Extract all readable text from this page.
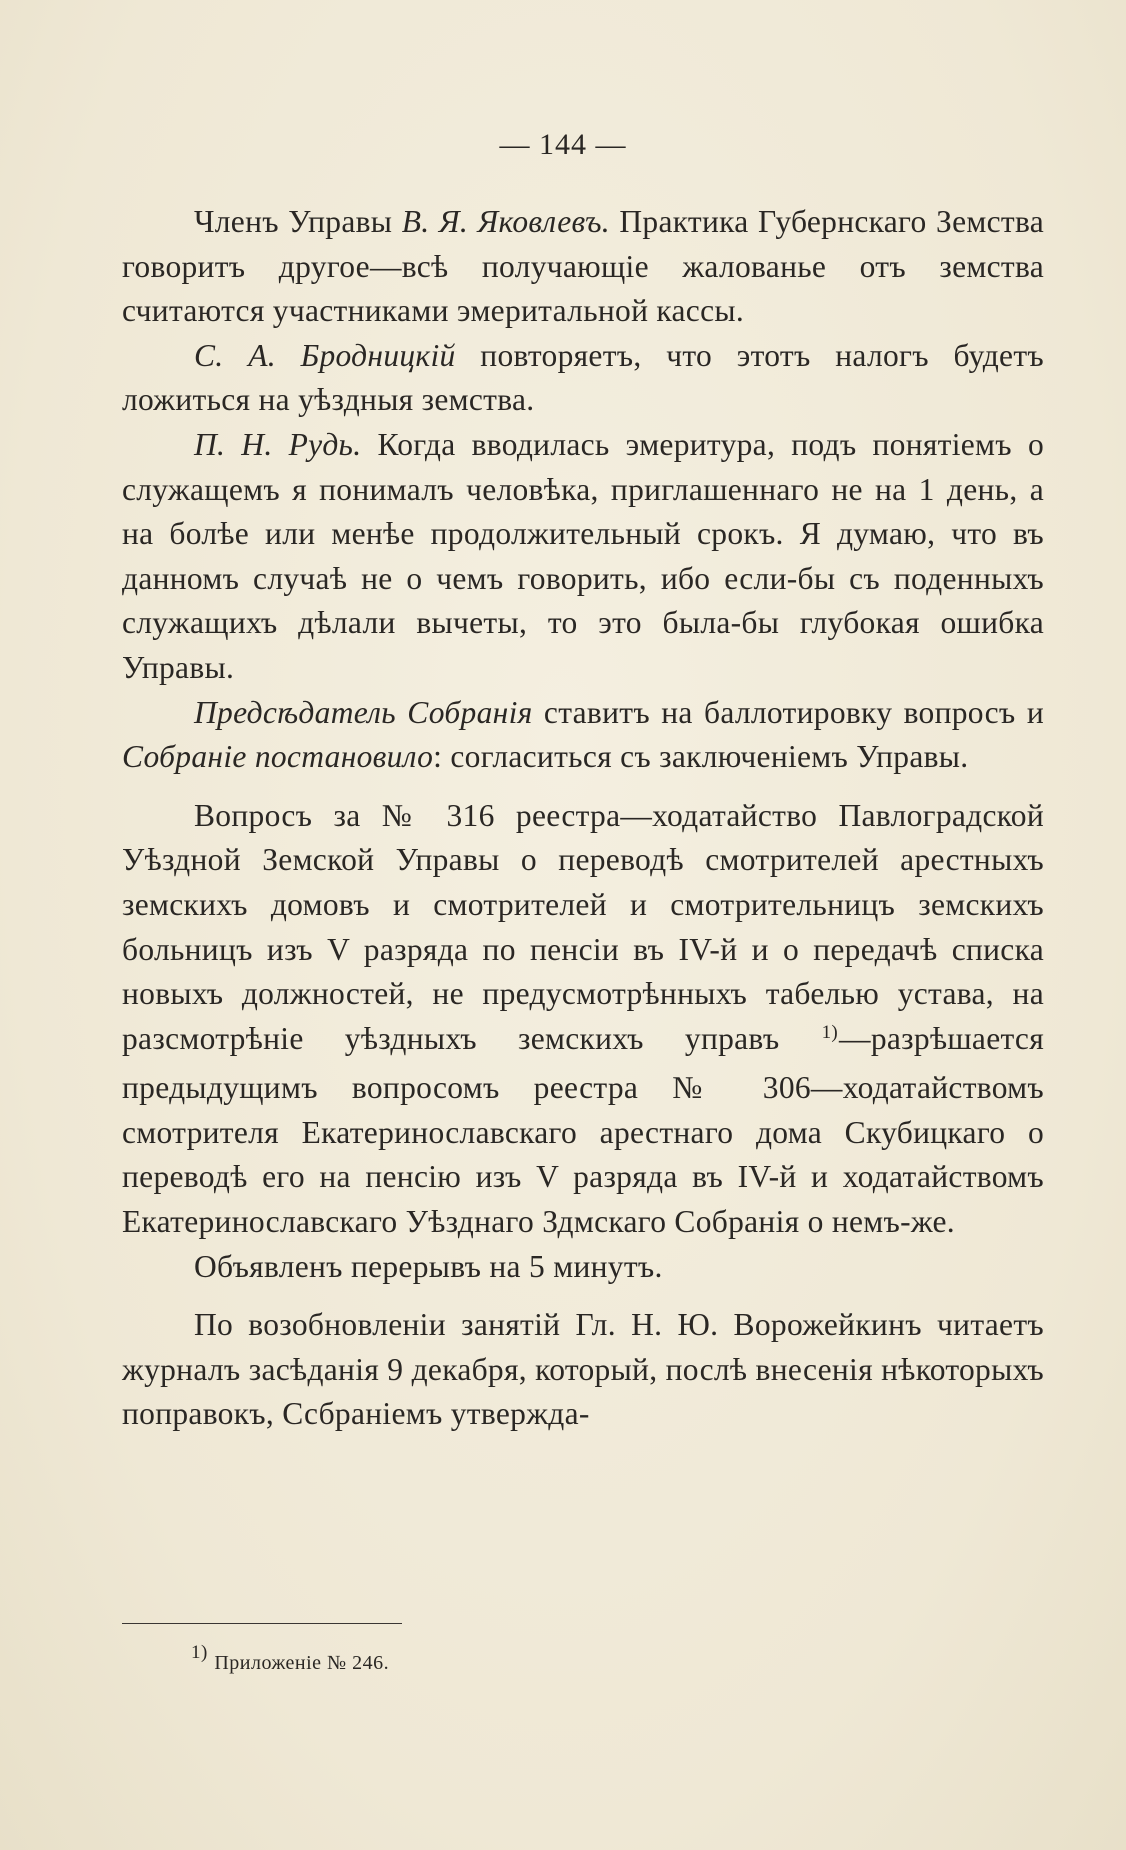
— 144 —

Членъ Управы В. Я. Яковлевъ. Практика Губернскаго Земства говоритъ другое—всѣ получающіе жалованье отъ земства считаются участниками эмеритальной кассы.

С. А. Бродницкій повторяетъ, что этотъ налогъ будетъ ложиться на уѣздныя земства.

П. Н. Рудь. Когда вводилась эмеритура, подъ понятіемъ о служащемъ я понималъ человѣка, приглашеннаго не на 1 день, а на болѣе или менѣе продолжительный срокъ. Я думаю, что въ данномъ случаѣ не о чемъ говорить, ибо если-бы съ поденныхъ служащихъ дѣлали вычеты, то это была-бы глубокая ошибка Управы.

Предсѣдатель Собранія ставитъ на баллотировку вопросъ и Собраніе постановило: согласиться съ заключеніемъ Управы.

Вопросъ за № 316 реестра—ходатайство Павлоградской Уѣздной Земской Управы о переводѣ смотрителей арестныхъ земскихъ домовъ и смотрителей и смотрительницъ земскихъ больницъ изъ V разряда по пенсіи въ IV-й и о передачѣ списка новыхъ должностей, не предусмотрѣнныхъ табелью устава, на разсмотрѣніе уѣздныхъ земскихъ управъ $^{1)}$—разрѣшается предыдущимъ вопросомъ реестра № 306—ходатайствомъ смотрителя Екатеринославскаго арестнаго дома Скубицкаго о переводѣ его на пенсію изъ V разряда въ IV-й и ходатайствомъ Екатеринославскаго Уѣзднаго Здмскаго Собранія о немъ-же.

Объявленъ перерывъ на 5 минутъ.

По возобновленіи занятій Гл. Н. Ю. Ворожейкинъ читаетъ журналъ засѣданія 9 декабря, который, послѣ внесенія нѣкоторыхъ поправокъ, Ссбраніемъ утвержда-

1) Приложеніе № 246.
